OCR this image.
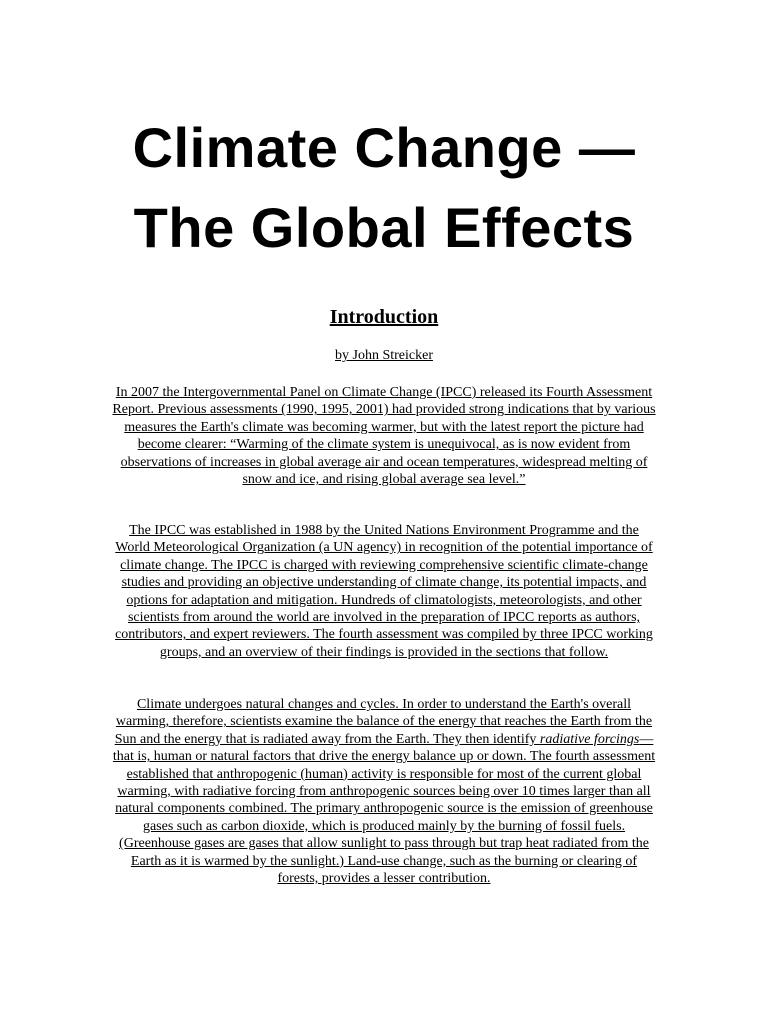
Climate Change —
The Global Effects
Introduction

by John Streicker

In 2007 the Intergovernmental Panel on Climate Change (IPCC) released its Fourth Assessment Report. Previous assessments (1990, 1995, 2001) had provided strong indications that by various measures the Earth's climate was becoming warmer, but with the latest report the picture had become clearer: “Warming of the climate system is unequivocal, as is now evident from observations of increases in global average air and ocean temperatures, widespread melting of snow and ice, and rising global average sea level.”

The IPCC was established in 1988 by the United Nations Environment Programme and the World Meteorological Organization (a UN agency) in recognition of the potential importance of climate change. The IPCC is charged with reviewing comprehensive scientific climate-change studies and providing an objective understanding of climate change, its potential impacts, and options for adaptation and mitigation. Hundreds of climatologists, meteorologists, and other scientists from around the world are involved in the preparation of IPCC reports as authors, contributors, and expert reviewers. The fourth assessment was compiled by three IPCC working groups, and an overview of their findings is provided in the sections that follow.

Climate undergoes natural changes and cycles. In order to understand the Earth's overall warming, therefore, scientists examine the balance of the energy that reaches the Earth from the Sun and the energy that is radiated away from the Earth. They then identify radiative forcings—that is, human or natural factors that drive the energy balance up or down. The fourth assessment established that anthropogenic (human) activity is responsible for most of the current global warming, with radiative forcing from anthropogenic sources being over 10 times larger than all natural components combined. The primary anthropogenic source is the emission of greenhouse gases such as carbon dioxide, which is produced mainly by the burning of fossil fuels. (Greenhouse gases are gases that allow sunlight to pass through but trap heat radiated from the Earth as it is warmed by the sunlight.) Land-use change, such as the burning or clearing of forests, provides a lesser contribution.
